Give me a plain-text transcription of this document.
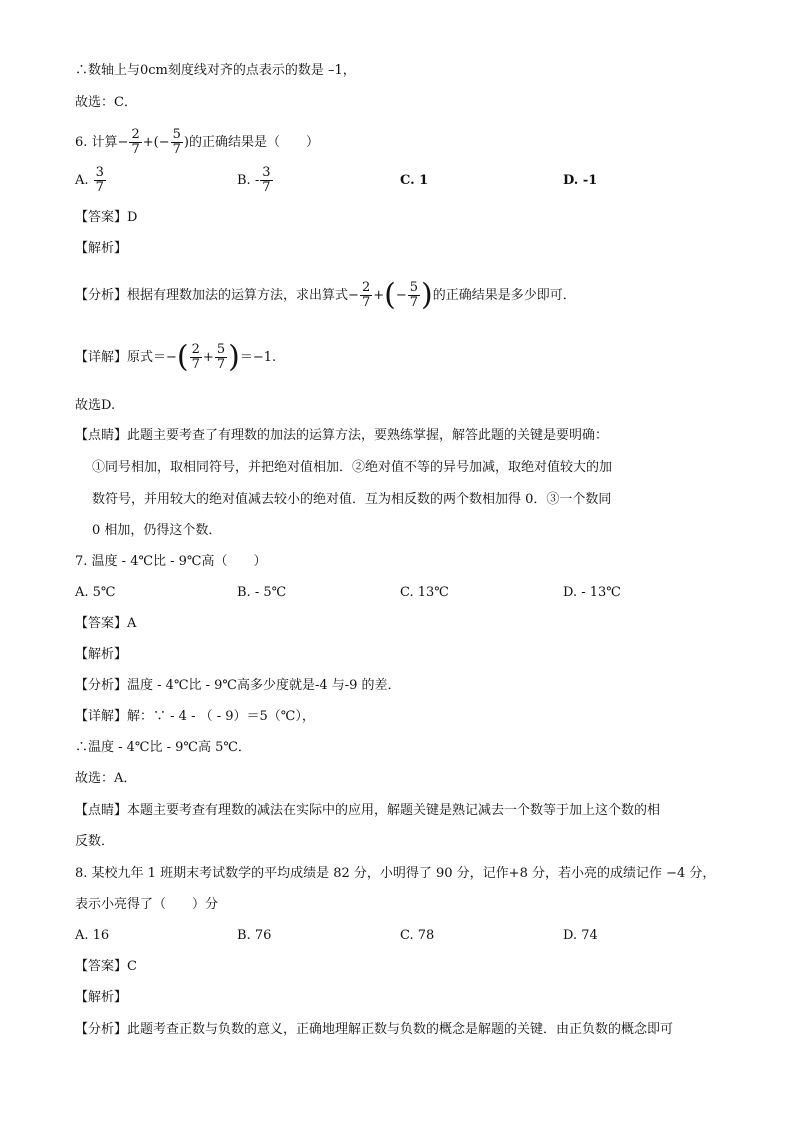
∴数轴上与0cm刻度线对齐的点表示的数是 –1，
故选：C．
6. 计算− $\frac{2}{7}$ +(− $\frac{5}{7}$ )的正确结果是（　　）
A. $\frac{3}{7}$	B. - $\frac{3}{7}$	C. 1	D. -1
【答案】D
【解析】
【分析】根据有理数加法的运算方法，求出算式− $\frac{2}{7}$ +(− $\frac{5}{7}$ )的正确结果是多少即可．
【详解】原式＝−( $\frac{2}{7} + \frac{5}{7} )=-1$.
故选D.
【点睛】此题主要考查了有理数的加法的运算方法，要熟练掌握，解答此题的关键是要明确：
①同号相加，取相同符号，并把绝对值相加．②绝对值不等的异号加减，取绝对值较大的加
数符号，并用较大的绝对值减去较小的绝对值．互为相反数的两个数相加得 0．③一个数同
0 相加，仍得这个数．
7. 温度 - 4℃比 - 9℃高（　　）
A. 5℃	B. - 5℃	C. 13℃	D. - 13℃
【答案】A
【解析】
【分析】温度 - 4℃比 - 9℃高多少度就是-4 与-9 的差．
【详解】解：∵ - 4 - （ - 9）＝5（℃），
∴温度 - 4℃比 - 9℃高 5℃．
故选：A．
【点睛】本题主要考查有理数的减法在实际中的应用，解题关键是熟记减去一个数等于加上这个数的相
反数．
8. 某校九年 1 班期末考试数学的平均成绩是 82 分，小明得了 90 分，记作+8 分，若小亮的成绩记作 −4 分，
表示小亮得了（　　）分
A. 16	B. 76	C. 78	D. 74
【答案】C
【解析】
【分析】此题考查正数与负数的意义，正确地理解正数与负数的概念是解题的关键．由正负数的概念即可
